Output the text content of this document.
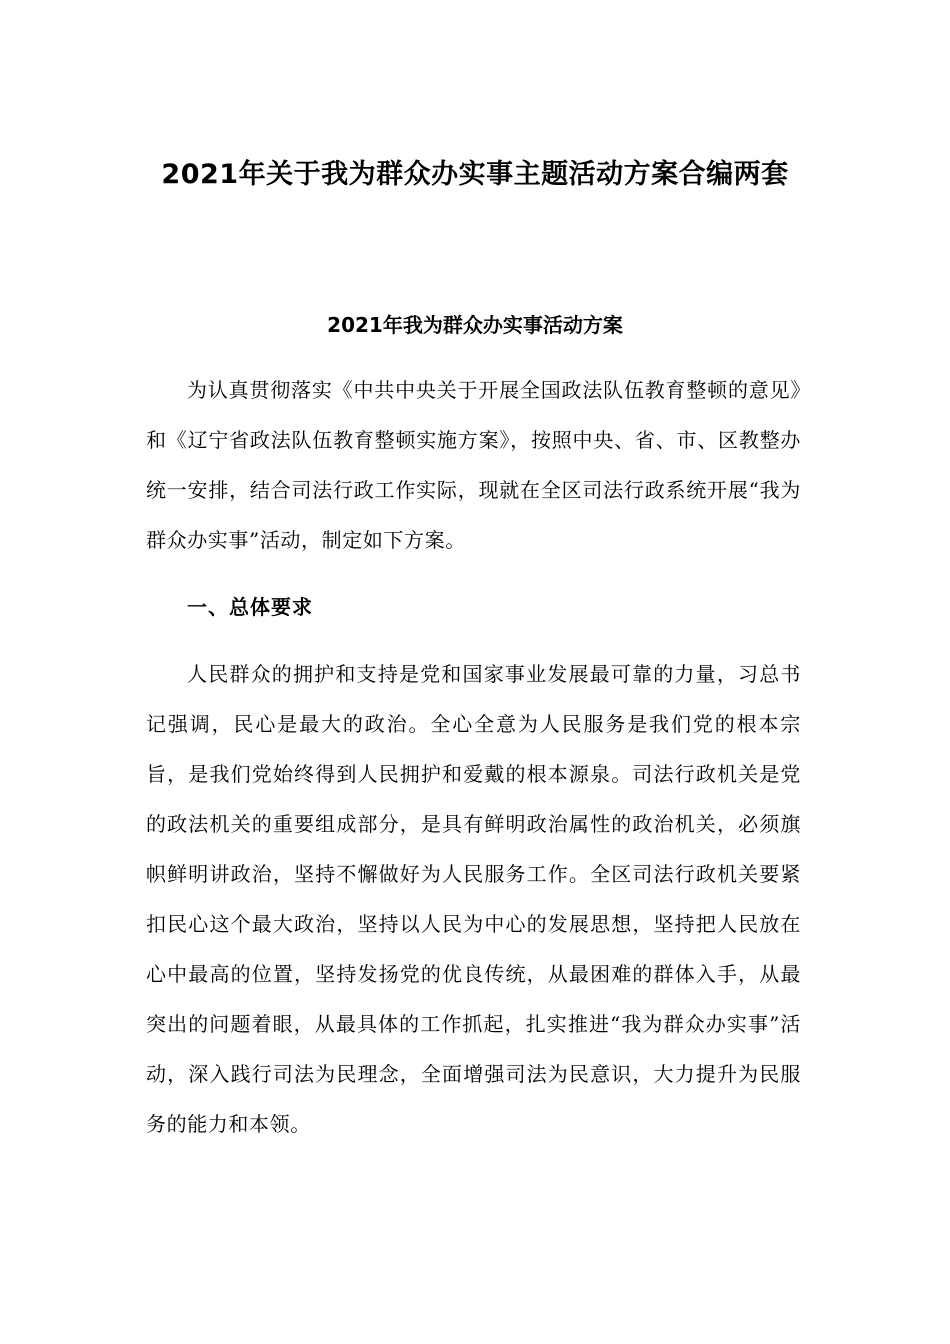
2021年关于我为群众办实事主题活动方案合编两套
2021年我为群众办实事活动方案

为认真贯彻落实《中共中央关于开展全国政法队伍教育整顿的意见》和《辽宁省政法队伍教育整顿实施方案》，按照中央、省、市、区教整办统一安排，结合司法行政工作实际，现就在全区司法行政系统开展“我为群众办实事”活动，制定如下方案。

一、总体要求

人民群众的拥护和支持是党和国家事业发展最可靠的力量，习总书记强调，民心是最大的政治。全心全意为人民服务是我们党的根本宗旨，是我们党始终得到人民拥护和爱戴的根本源泉。司法行政机关是党的政法机关的重要组成部分，是具有鲜明政治属性的政治机关，必须旗帜鲜明讲政治，坚持不懈做好为人民服务工作。全区司法行政机关要紧扣民心这个最大政治，坚持以人民为中心的发展思想，坚持把人民放在心中最高的位置，坚持发扬党的优良传统，从最困难的群体入手，从最突出的问题着眼，从最具体的工作抓起，扎实推进“我为群众办实事”活动，深入践行司法为民理念，全面增强司法为民意识，大力提升为民服务的能力和本领。
